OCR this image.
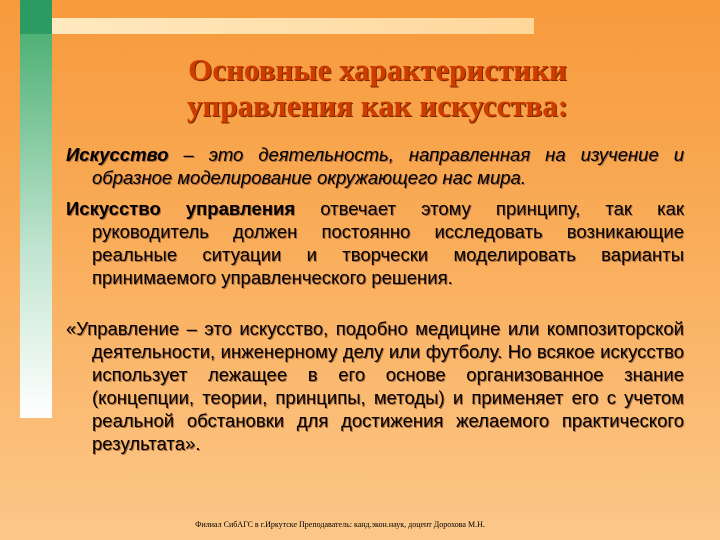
Основные характеристики
управления как искусства:

Искусство – это деятельность, направленная на изучение и образное моделирование окружающего нас мира.

Искусство управления отвечает этому принципу, так как руководитель должен постоянно исследовать возникающие реальные ситуации и творчески моделировать варианты принимаемого управленческого решения.

«Управление – это искусство, подобно медицине или композиторской деятельности, инженерному делу или футболу. Но всякое искусство использует лежащее в его основе организованное знание (концепции, теории, принципы, методы) и применяет его с учетом реальной обстановки для достижения желаемого практического результата».

Филиал СибАГС в г.Иркутске Преподаватель: канд.экон.наук, доцент Дорохова М.Н.
